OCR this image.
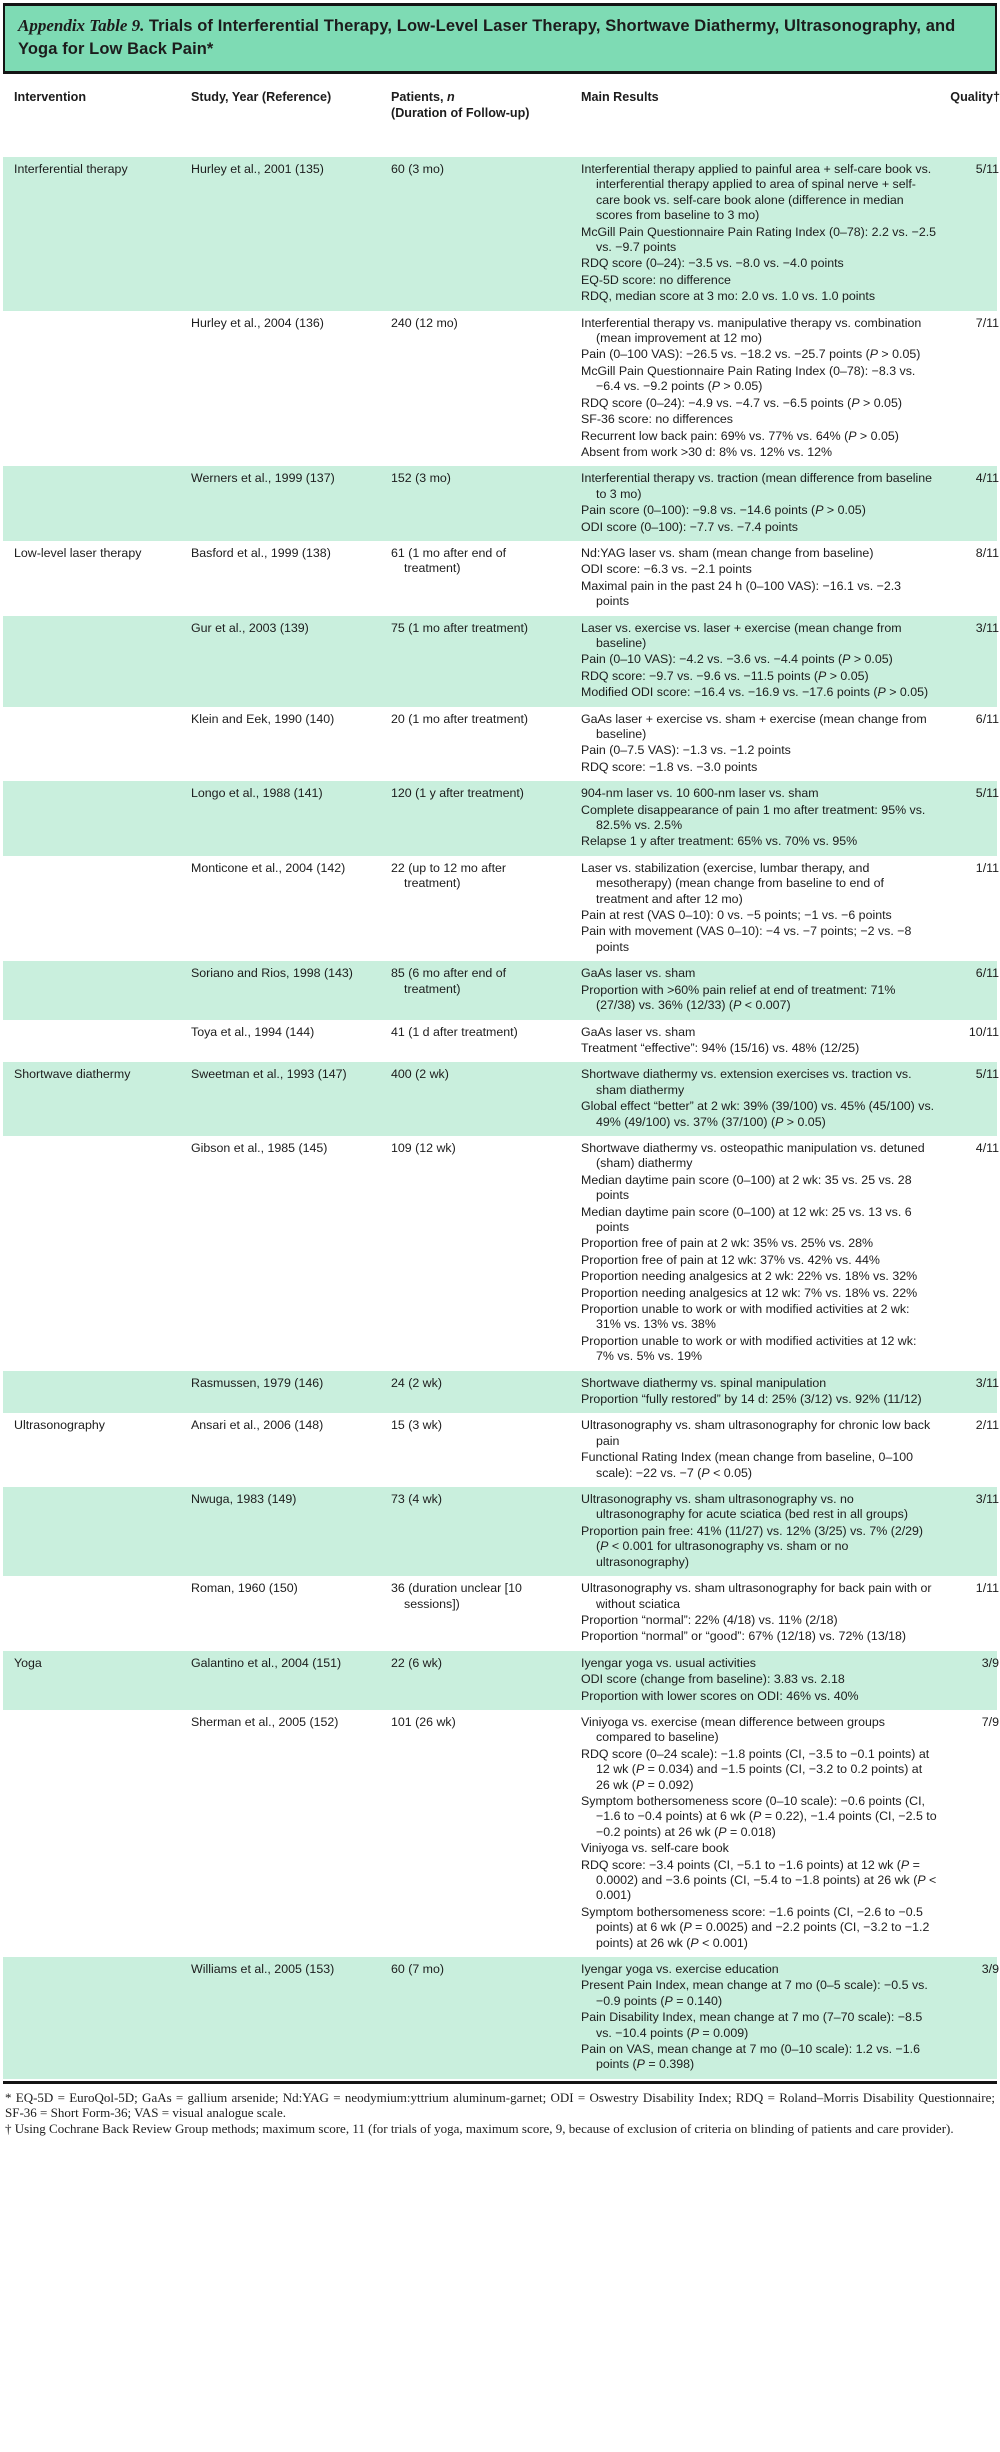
Appendix Table 9. Trials of Interferential Therapy, Low-Level Laser Therapy, Shortwave Diathermy, Ultrasonography, and Yoga for Low Back Pain*
Intervention	Study, Year (Reference)	Patients, n
(Duration of Follow-up)
Main Results	Quality†
Interferential therapy	Hurley et al., 2001 (135)	60 (3 mo)	Interferential therapy applied to painful area + self-care book vs. interferential therapy applied to area of spinal nerve + self-care book vs. self-care book alone (difference in median scores from baseline to 3 mo)
McGill Pain Questionnaire Pain Rating Index (0–78): 2.2 vs. −2.5 vs. −9.7 points
RDQ score (0–24): −3.5 vs. −8.0 vs. −4.0 points
EQ-5D score: no difference
RDQ, median score at 3 mo: 2.0 vs. 1.0 vs. 1.0 points
5/11
Hurley et al., 2004 (136)	240 (12 mo)	Interferential therapy vs. manipulative therapy vs. combination (mean improvement at 12 mo)
Pain (0–100 VAS): −26.5 vs. −18.2 vs. −25.7 points (P > 0.05)
McGill Pain Questionnaire Pain Rating Index (0–78): −8.3 vs. −6.4 vs. −9.2 points (P > 0.05)
RDQ score (0–24): −4.9 vs. −4.7 vs. −6.5 points (P > 0.05)
SF-36 score: no differences
Recurrent low back pain: 69% vs. 77% vs. 64% (P > 0.05)
Absent from work >30 d: 8% vs. 12% vs. 12%
7/11
Werners et al., 1999 (137)	152 (3 mo)	Interferential therapy vs. traction (mean difference from baseline to 3 mo)
Pain score (0–100): −9.8 vs. −14.6 points (P > 0.05)
ODI score (0–100): −7.7 vs. −7.4 points
4/11
Low-level laser therapy	Basford et al., 1999 (138)	61 (1 mo after end of treatment)
Nd:YAG laser vs. sham (mean change from baseline)
ODI score: −6.3 vs. −2.1 points
Maximal pain in the past 24 h (0–100 VAS): −16.1 vs. −2.3 points
8/11
Gur et al., 2003 (139)	75 (1 mo after treatment)	Laser vs. exercise vs. laser + exercise (mean change from baseline)
Pain (0–10 VAS): −4.2 vs. −3.6 vs. −4.4 points (P > 0.05)
RDQ score: −9.7 vs. −9.6 vs. −11.5 points (P > 0.05)
Modified ODI score: −16.4 vs. −16.9 vs. −17.6 points (P > 0.05)
3/11
Klein and Eek, 1990 (140)	20 (1 mo after treatment)	GaAs laser + exercise vs. sham + exercise (mean change from baseline)
Pain (0–7.5 VAS): −1.3 vs. −1.2 points
RDQ score: −1.8 vs. −3.0 points
6/11
Longo et al., 1988 (141)	120 (1 y after treatment)	904-nm laser vs. 10 600-nm laser vs. sham
Complete disappearance of pain 1 mo after treatment: 95% vs. 82.5% vs. 2.5%
Relapse 1 y after treatment: 65% vs. 70% vs. 95%
5/11
Monticone et al., 2004 (142)	22 (up to 12 mo after treatment)
Laser vs. stabilization (exercise, lumbar therapy, and mesotherapy) (mean change from baseline to end of treatment and after 12 mo)
Pain at rest (VAS 0–10): 0 vs. −5 points; −1 vs. −6 points
Pain with movement (VAS 0–10): −4 vs. −7 points; −2 vs. −8 points
1/11
Soriano and Rios, 1998 (143)	85 (6 mo after end of treatment)
GaAs laser vs. sham
Proportion with >60% pain relief at end of treatment: 71% (27/38) vs. 36% (12/33) (P < 0.007)
6/11
Toya et al., 1994 (144)	41 (1 d after treatment)	GaAs laser vs. sham
Treatment “effective”: 94% (15/16) vs. 48% (12/25)
10/11
Shortwave diathermy	Sweetman et al., 1993 (147)	400 (2 wk)	Shortwave diathermy vs. extension exercises vs. traction vs. sham diathermy
Global effect “better” at 2 wk: 39% (39/100) vs. 45% (45/100) vs. 49% (49/100) vs. 37% (37/100) (P > 0.05)
5/11
Gibson et al., 1985 (145)	109 (12 wk)	Shortwave diathermy vs. osteopathic manipulation vs. detuned (sham) diathermy
Median daytime pain score (0–100) at 2 wk: 35 vs. 25 vs. 28 points
Median daytime pain score (0–100) at 12 wk: 25 vs. 13 vs. 6 points
Proportion free of pain at 2 wk: 35% vs. 25% vs. 28%
Proportion free of pain at 12 wk: 37% vs. 42% vs. 44%
Proportion needing analgesics at 2 wk: 22% vs. 18% vs. 32%
Proportion needing analgesics at 12 wk: 7% vs. 18% vs. 22%
Proportion unable to work or with modified activities at 2 wk: 31% vs. 13% vs. 38%
Proportion unable to work or with modified activities at 12 wk: 7% vs. 5% vs. 19%
4/11
Rasmussen, 1979 (146)	24 (2 wk)	Shortwave diathermy vs. spinal manipulation
Proportion “fully restored” by 14 d: 25% (3/12) vs. 92% (11/12)
3/11
Ultrasonography	Ansari et al., 2006 (148)	15 (3 wk)	Ultrasonography vs. sham ultrasonography for chronic low back pain
Functional Rating Index (mean change from baseline, 0–100 scale): −22 vs. −7 (P < 0.05)
2/11
Nwuga, 1983 (149)	73 (4 wk)	Ultrasonography vs. sham ultrasonography vs. no ultrasonography for acute sciatica (bed rest in all groups)
Proportion pain free: 41% (11/27) vs. 12% (3/25) vs. 7% (2/29) (P < 0.001 for ultrasonography vs. sham or no ultrasonography)
3/11
Roman, 1960 (150)	36 (duration unclear [10 sessions])
Ultrasonography vs. sham ultrasonography for back pain with or without sciatica
Proportion “normal”: 22% (4/18) vs. 11% (2/18)
Proportion “normal” or “good”: 67% (12/18) vs. 72% (13/18)
1/11
Yoga	Galantino et al., 2004 (151)	22 (6 wk)	Iyengar yoga vs. usual activities
ODI score (change from baseline): 3.83 vs. 2.18
Proportion with lower scores on ODI: 46% vs. 40%
3/9
Sherman et al., 2005 (152)	101 (26 wk)	Viniyoga vs. exercise (mean difference between groups compared to baseline)
RDQ score (0–24 scale): −1.8 points (CI, −3.5 to −0.1 points) at 12 wk (P = 0.034) and −1.5 points (CI, −3.2 to 0.2 points) at 26 wk (P = 0.092)
Symptom bothersomeness score (0–10 scale): −0.6 points (CI, −1.6 to −0.4 points) at 6 wk (P = 0.22), −1.4 points (CI, −2.5 to −0.2 points) at 26 wk (P = 0.018)
Viniyoga vs. self-care book
RDQ score: −3.4 points (CI, −5.1 to −1.6 points) at 12 wk (P = 0.0002) and −3.6 points (CI, −5.4 to −1.8 points) at 26 wk (P < 0.001)
Symptom bothersomeness score: −1.6 points (CI, −2.6 to −0.5 points) at 6 wk (P = 0.0025) and −2.2 points (CI, −3.2 to −1.2 points) at 26 wk (P < 0.001)
7/9
Williams et al., 2005 (153)	60 (7 mo)	Iyengar yoga vs. exercise education
Present Pain Index, mean change at 7 mo (0–5 scale): −0.5 vs. −0.9 points (P = 0.140)
Pain Disability Index, mean change at 7 mo (7–70 scale): −8.5 vs. −10.4 points (P = 0.009)
Pain on VAS, mean change at 7 mo (0–10 scale): 1.2 vs. −1.6 points (P = 0.398)
3/9

* EQ-5D = EuroQol-5D; GaAs = gallium arsenide; Nd:YAG = neodymium:yttrium aluminum-garnet; ODI = Oswestry Disability Index; RDQ = Roland–Morris Disability Questionnaire; SF-36 = Short Form-36; VAS = visual analogue scale.

† Using Cochrane Back Review Group methods; maximum score, 11 (for trials of yoga, maximum score, 9, because of exclusion of criteria on blinding of patients and care provider).
